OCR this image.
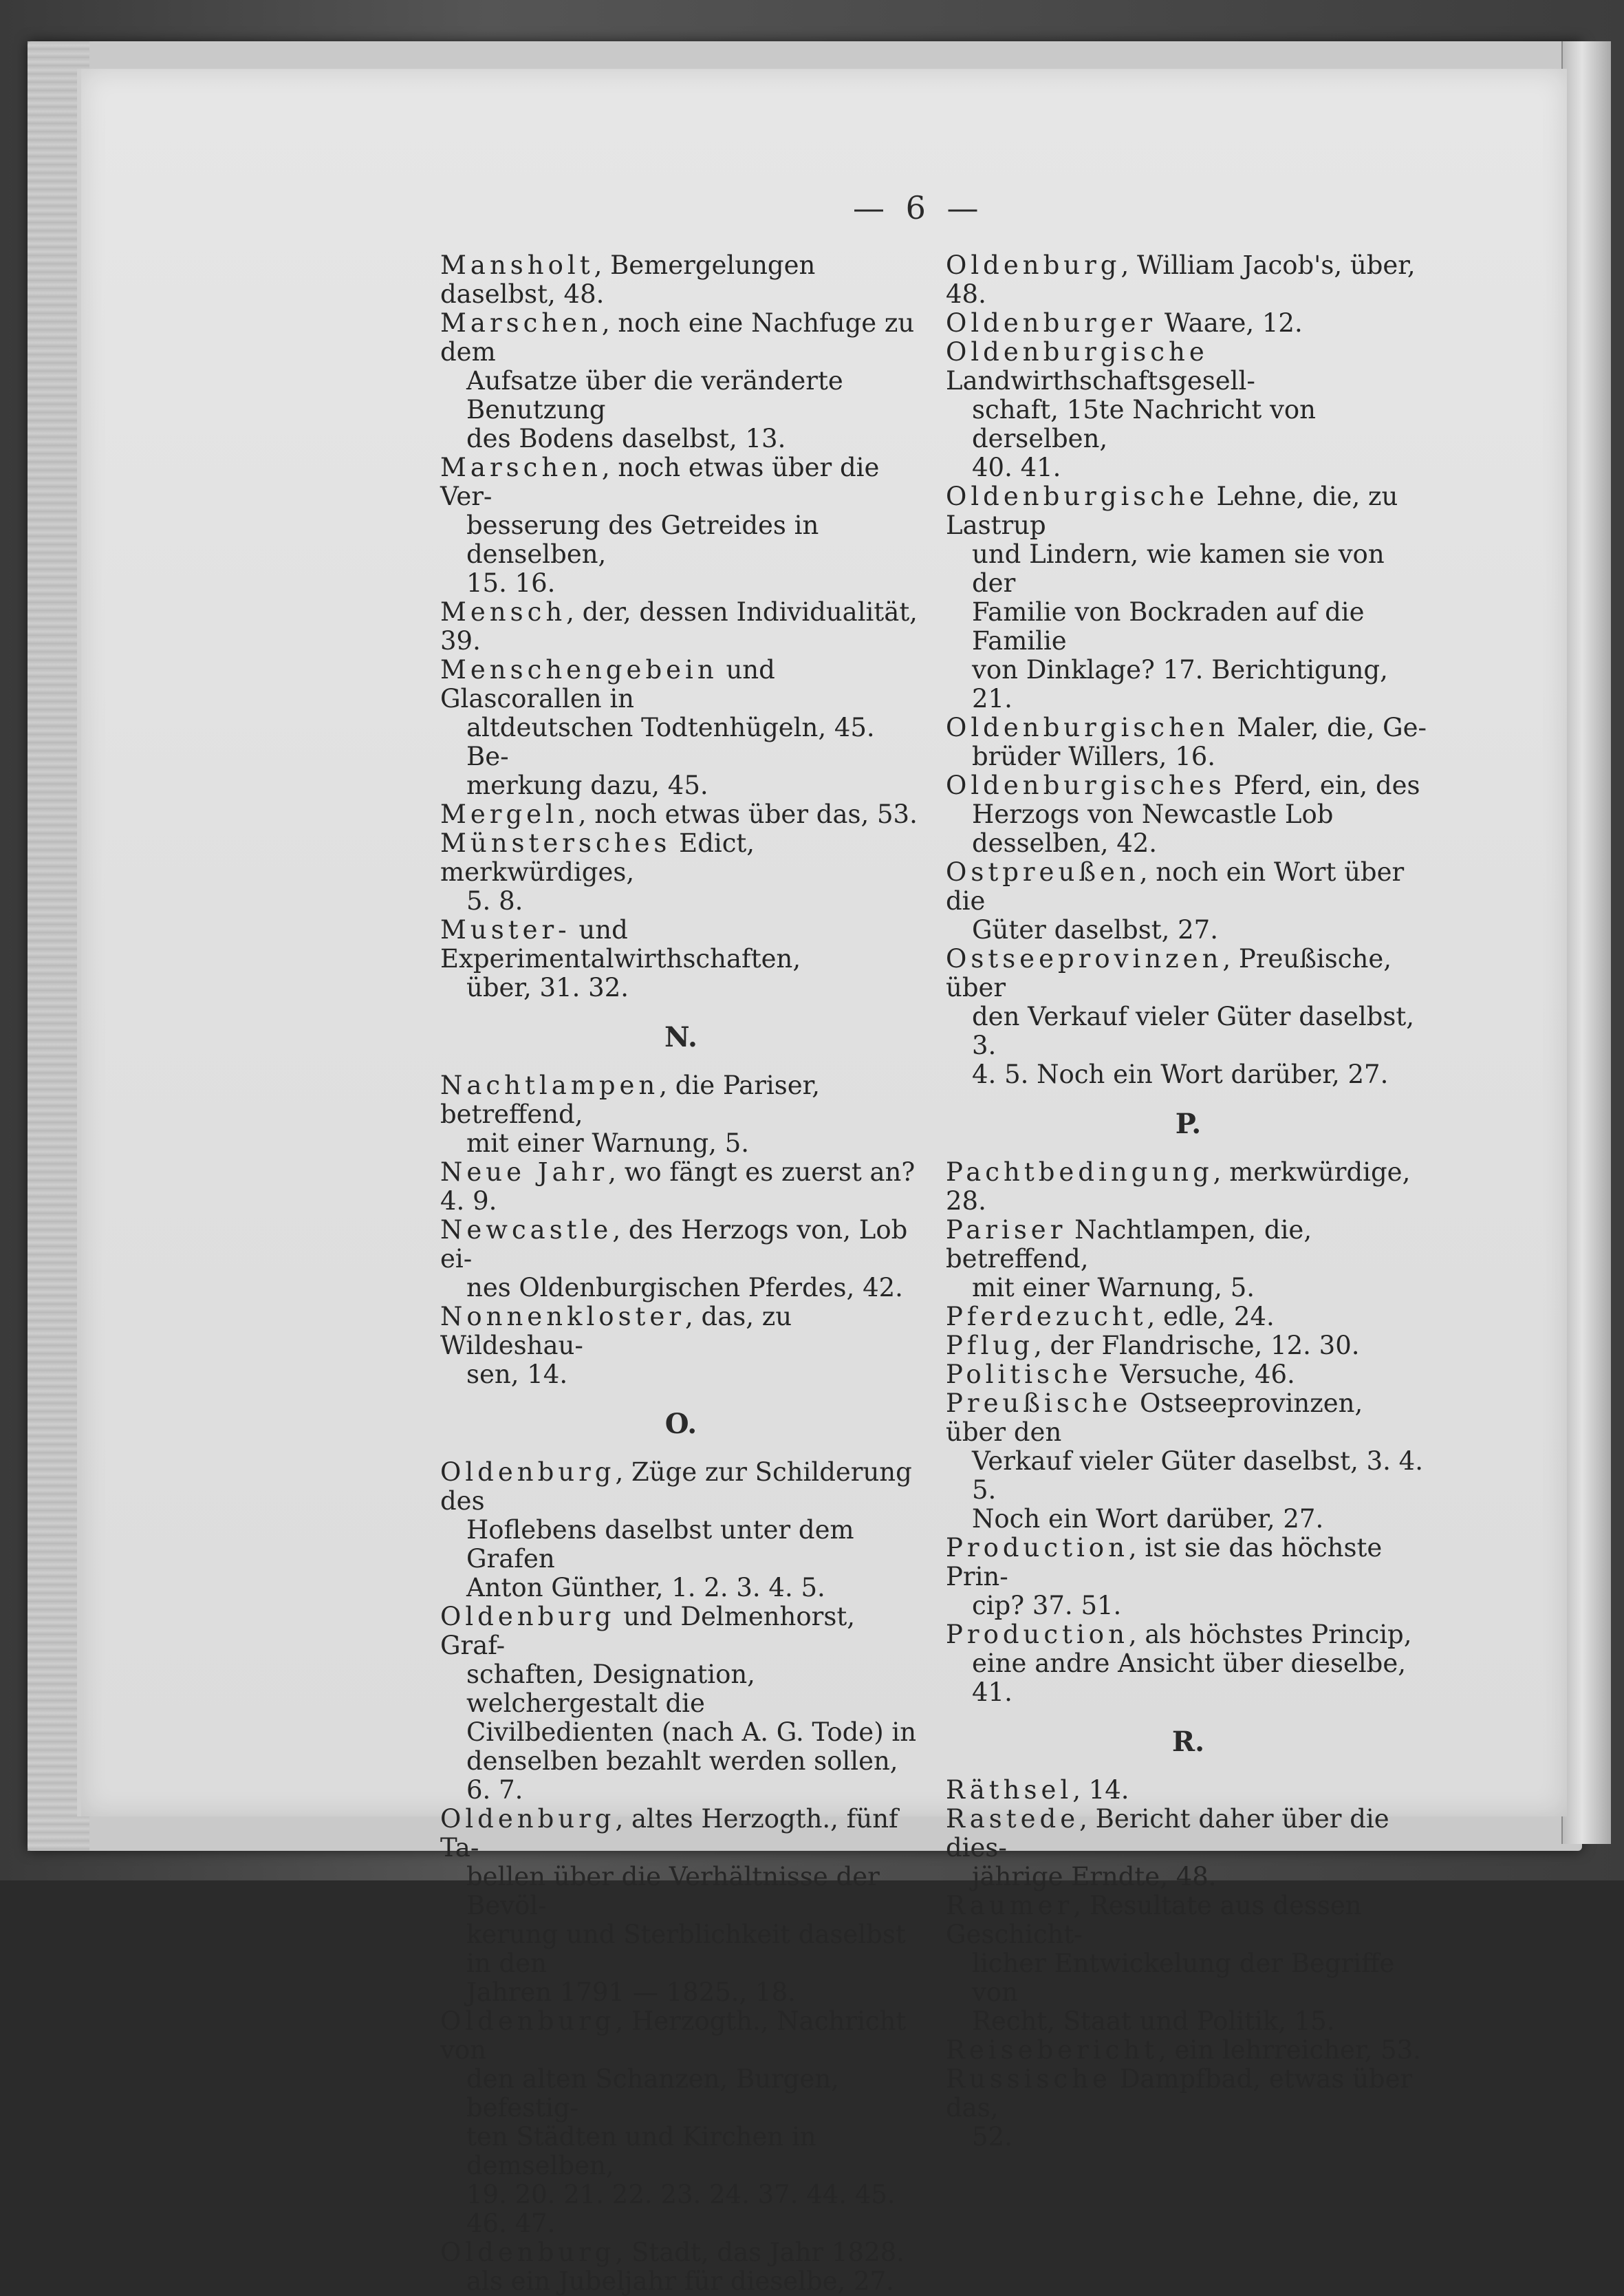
— 6 —
Mansholt, Bemergelungen daselbst, 48.
Marschen, noch eine Nachfuge zu dem
Aufsatze über die veränderte Benutzung
des Bodens daselbst, 13.
Marschen, noch etwas über die Ver-
besserung des Getreides in denselben,
15. 16.
Mensch, der, dessen Individualität, 39.
Menschengebein und Glascorallen in
altdeutschen Todtenhügeln, 45. Be-
merkung dazu, 45.
Mergeln, noch etwas über das, 53.
Münstersches Edict, merkwürdiges,
5. 8.
Muster- und Experimentalwirthschaften,
über, 31. 32.
N.
Nachtlampen, die Pariser, betreffend,
mit einer Warnung, 5.
Neue Jahr, wo fängt es zuerst an? 4. 9.
Newcastle, des Herzogs von, Lob ei-
nes Oldenburgischen Pferdes, 42.
Nonnenkloster, das, zu Wildeshau-
sen, 14.
O.
Oldenburg, Züge zur Schilderung des
Hoflebens daselbst unter dem Grafen
Anton Günther, 1. 2. 3. 4. 5.
Oldenburg und Delmenhorst, Graf-
schaften, Designation, welchergestalt die
Civilbedienten (nach A. G. Tode) in
denselben bezahlt werden sollen, 6. 7.
Oldenburg, altes Herzogth., fünf Ta-
bellen über die Verhältnisse der Bevöl-
kerung und Sterblichkeit daselbst in den
Jahren 1791 — 1825., 18.
Oldenburg, Herzogth., Nachricht von
den alten Schanzen, Burgen, befestig-
ten Städten und Kirchen in demselben,
19. 20. 21. 22. 23. 24. 37. 44. 45.
46. 47.
Oldenburg, Stadt, das Jahr 1828.
als ein Jubeljahr für dieselbe, 27.
Oldenburg, William Jacob's, über, 48.
Oldenburger Waare, 12.
Oldenburgische Landwirthschaftsgesell-
schaft, 15te Nachricht von derselben,
40. 41.
Oldenburgische Lehne, die, zu Lastrup
und Lindern, wie kamen sie von der
Familie von Bockraden auf die Familie
von Dinklage? 17. Berichtigung, 21.
Oldenburgischen Maler, die, Ge-
brüder Willers, 16.
Oldenburgisches Pferd, ein, des
Herzogs von Newcastle Lob desselben, 42.
Ostpreußen, noch ein Wort über die
Güter daselbst, 27.
Ostseeprovinzen, Preußische, über
den Verkauf vieler Güter daselbst, 3.
4. 5. Noch ein Wort darüber, 27.
P.
Pachtbedingung, merkwürdige, 28.
Pariser Nachtlampen, die, betreffend,
mit einer Warnung, 5.
Pferdezucht, edle, 24.
Pflug, der Flandrische, 12. 30.
Politische Versuche, 46.
Preußische Ostseeprovinzen, über den
Verkauf vieler Güter daselbst, 3. 4. 5.
Noch ein Wort darüber, 27.
Production, ist sie das höchste Prin-
cip? 37. 51.
Production, als höchstes Princip,
eine andre Ansicht über dieselbe, 41.
R.
Räthsel, 14.
Rastede, Bericht daher über die dies-
jährige Erndte, 48.
Raumer, Resultate aus dessen Geschicht-
licher Entwickelung der Begriffe von
Recht, Staat und Politik, 15.
Reisebericht, ein lehrreicher, 53.
Russische Dampfbad, etwas über das,
52.
